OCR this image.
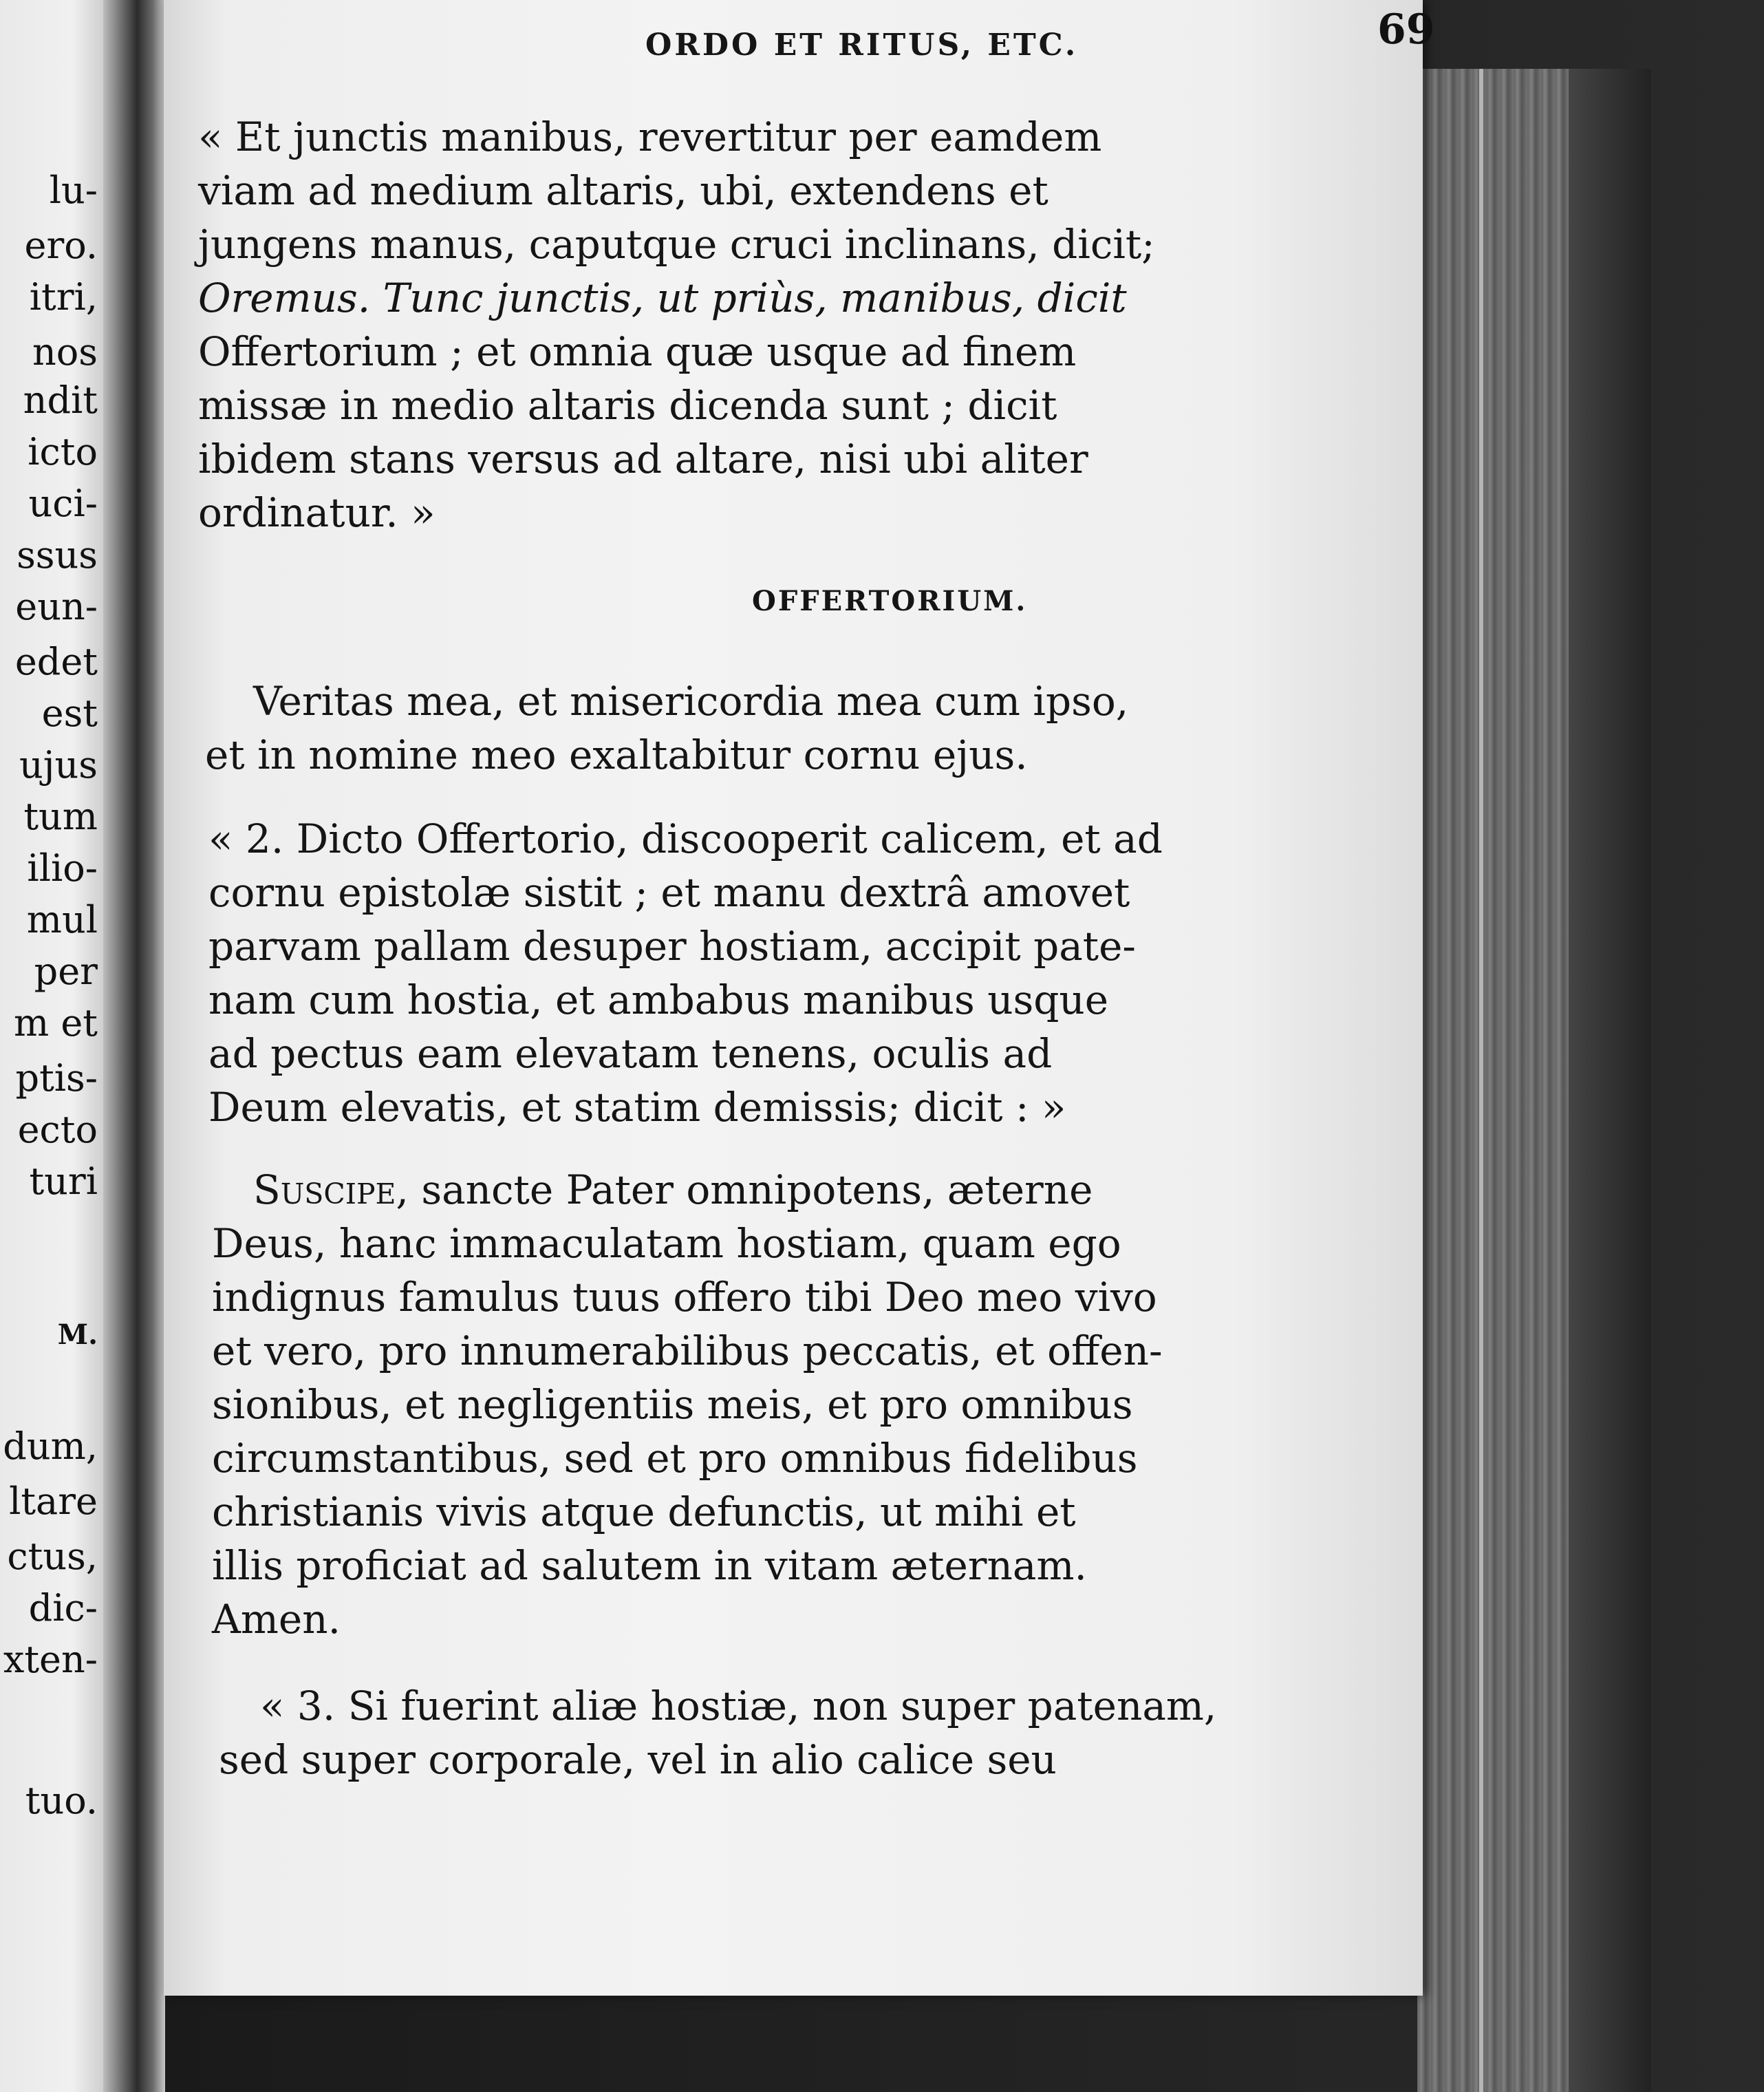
lu-
ero.
itri,
nos
ndit
icto
uci-
ssus
eun-
edet
est
ujus
tum
ilio-
mul
per
m et
ptis-
ecto
turi
M.
dum,
ltare
ctus,
dic-
xten-
tuo.
ORDO ET RITUS, ETC.	69
« Et junctis manibus, revertitur per eamdem
viam ad medium altaris, ubi, extendens et
jungens manus, caputque cruci inclinans, dicit;
Oremus. Tunc junctis, ut priùs, manibus, dicit
Offertorium ; et omnia quæ usque ad finem
missæ in medio altaris dicenda sunt ; dicit
ibidem stans versus ad altare, nisi ubi aliter
ordinatur. »
OFFERTORIUM.
Veritas mea, et misericordia mea cum ipso,
et in nomine meo exaltabitur cornu ejus.
« 2. Dicto Offertorio, discooperit calicem, et ad
cornu epistolæ sistit ; et manu dextrâ amovet
parvam pallam desuper hostiam, accipit pate-
nam cum hostia, et ambabus manibus usque
ad pectus eam elevatam tenens, oculis ad
Deum elevatis, et statim demissis; dicit : »
Suscipe, sancte Pater omnipotens, æterne
Deus, hanc immaculatam hostiam, quam ego
indignus famulus tuus offero tibi Deo meo vivo
et vero, pro innumerabilibus peccatis, et offen-
sionibus, et negligentiis meis, et pro omnibus
circumstantibus, sed et pro omnibus fidelibus
christianis vivis atque defunctis, ut mihi et
illis proficiat ad salutem in vitam æternam.
Amen.
« 3. Si fuerint aliæ hostiæ, non super patenam,
sed super corporale, vel in alio calice seu
